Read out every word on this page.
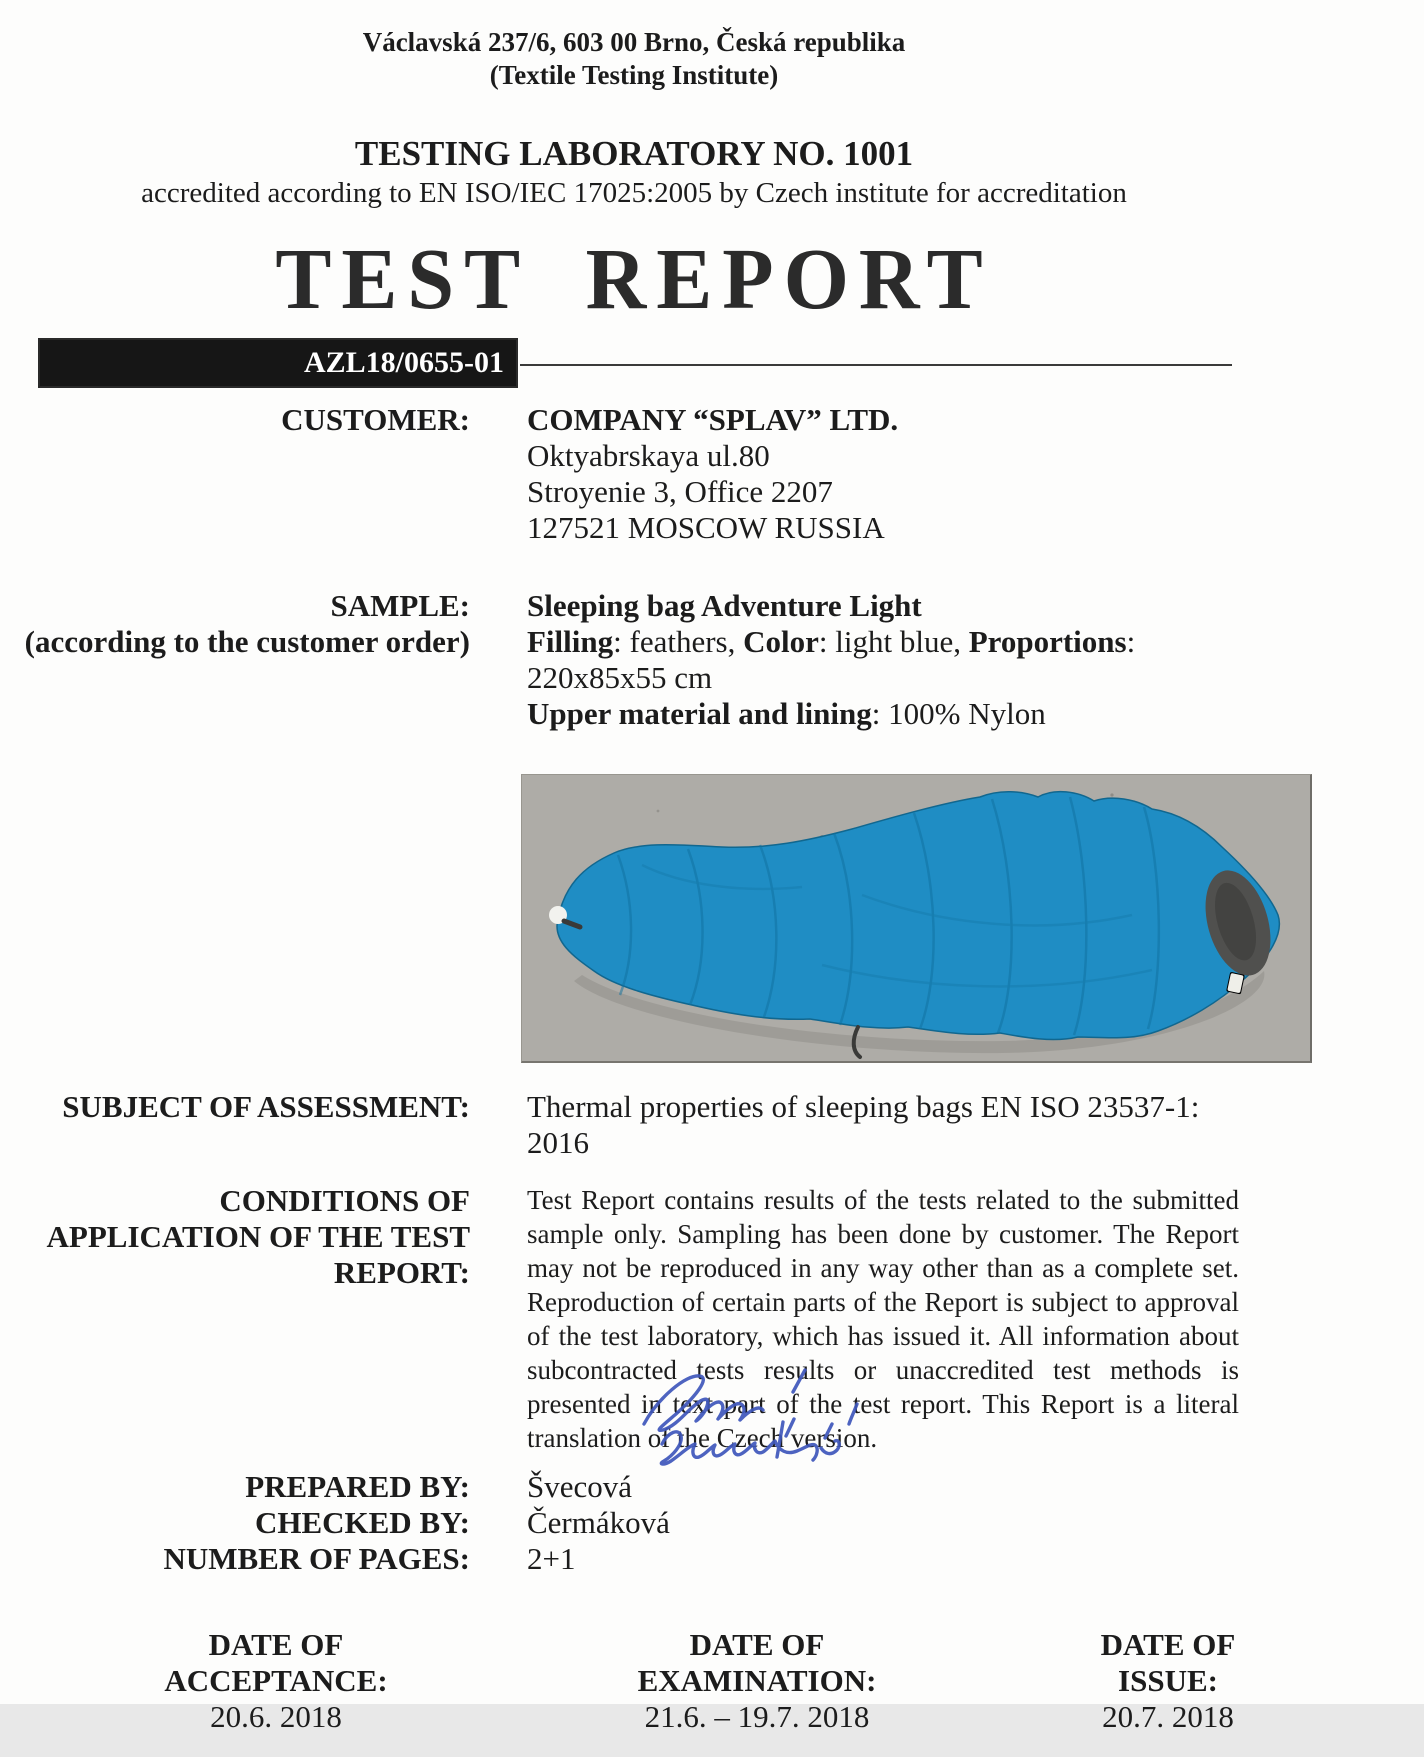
Václavská 237/6, 603 00 Brno, Česká republika
(Textile Testing Institute)
TESTING LABORATORY NO. 1001
accredited according to EN ISO/IEC 17025:2005 by Czech institute for accreditation
TEST REPORT
AZL18/0655-01
CUSTOMER: COMPANY “SPLAV” LTD.
Oktyabrskaya ul.80
Stroyenie 3, Office 2207
127521 MOSCOW RUSSIA
SAMPLE:
(according to the customer order)
Sleeping bag Adventure Light
Filling: feathers, Color: light blue, Proportions: 220x85x55 cm
Upper material and lining: 100% Nylon
SUBJECT OF ASSESSMENT: Thermal properties of sleeping bags EN ISO 23537-1: 2016
CONDITIONS OF
APPLICATION OF THE TEST
REPORT:
Test Report contains results of the tests related to the submitted sample only. Sampling has been done by customer. The Report may not be reproduced in any way other than as a complete set. Reproduction of certain parts of the Report is subject to approval of the test laboratory, which has issued it. All information about subcontracted tests results or unaccredited test methods is presented in text part of the test report. This Report is a literal translation of the Czech version.
PREPARED BY: Švecová
CHECKED BY: Čermáková
NUMBER OF PAGES: 2+1
DATE OF
ACCEPTANCE:
20.6. 2018
DATE OF
EXAMINATION:
21.6. – 19.7. 2018
DATE OF
ISSUE:
20.7. 2018
